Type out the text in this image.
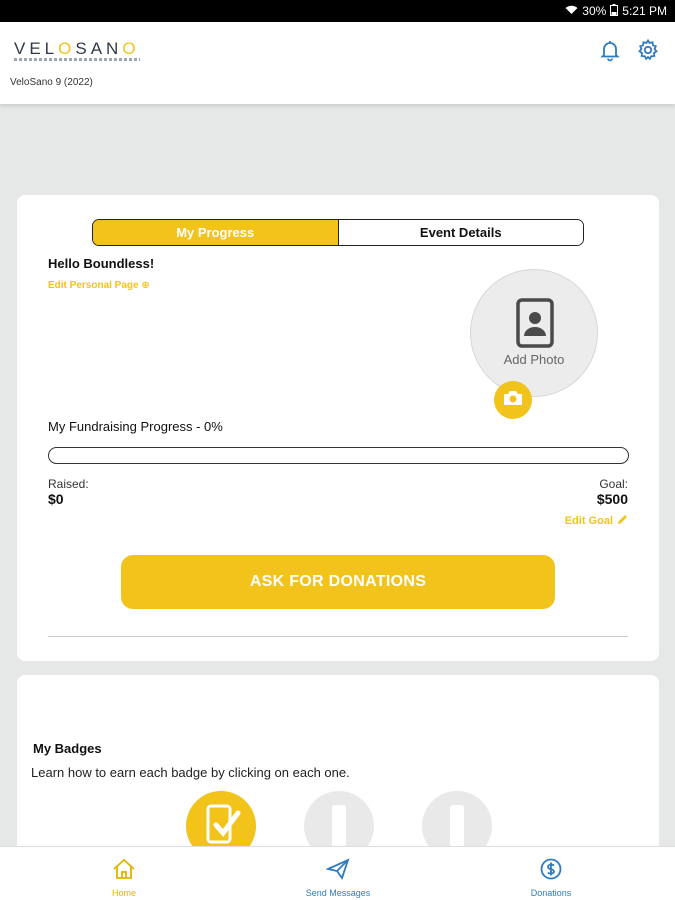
30% 5:21 PM
VELOSANO
VeloSano 9 (2022)
My Progress	Event Details
Hello Boundless!
Edit Personal Page ⊕
Add Photo
My Fundraising Progress - 0%
Raised:
$0
Goal:
$500
Edit Goal
ASK FOR DONATIONS
My Badges
Learn how to earn each badge by clicking on each one.
Home	Send Messages	Donations
